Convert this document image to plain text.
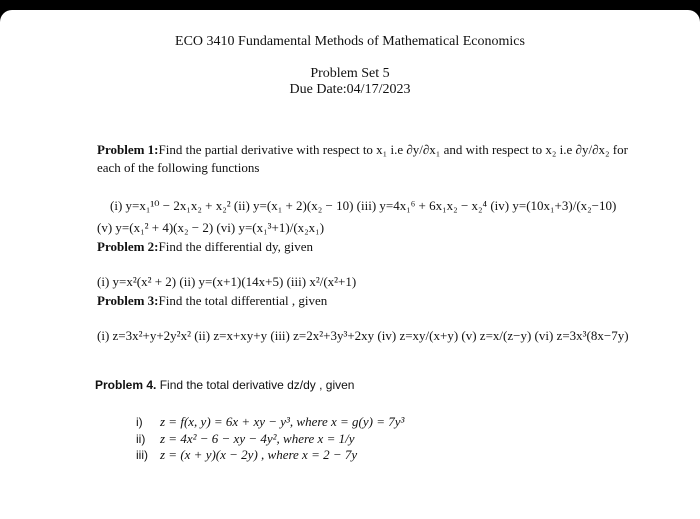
ECO 3410 Fundamental Methods of Mathematical Economics
Problem Set 5
Due Date:04/17/2023
Problem 1:Find the partial derivative with respect to x₁ i.e ∂y/∂x₁ and with respect to x₂ i.e ∂y/∂x₂ for
each of the following functions
(i) y=x₁¹⁰ − 2x₁x₂ + x₂² (ii) y=(x₁ + 2)(x₂ − 10) (iii) y=4x₁⁶ + 6x₁x₂ − x₂⁴ (iv) y=(10x₁+3)/(x₂−10)
(v) y=(x₁² + 4)(x₂ − 2) (vi) y=(x₁³+1)/(x₂x₁)
Problem 2:Find the differential dy, given
(i) y=x²(x² + 2) (ii) y=(x+1)(14x+5) (iii) x²/(x²+1)
Problem 3:Find the total differential , given
(i) z=3x²+y+2y²x² (ii) z=x+xy+y (iii) z=2x²+3y³+2xy (iv) z=xy/(x+y) (v) z=x/(z−y) (vi) z=3x³(8x−7y)
Problem 4. Find the total derivative dz/dy , given
i) z = f(x, y) = 6x + xy − y³, where x = g(y) = 7y³
ii) z = 4x² − 6 − xy − 4y², where x = 1/y
iii) z = (x + y)(x − 2y) , where x = 2 − 7y
